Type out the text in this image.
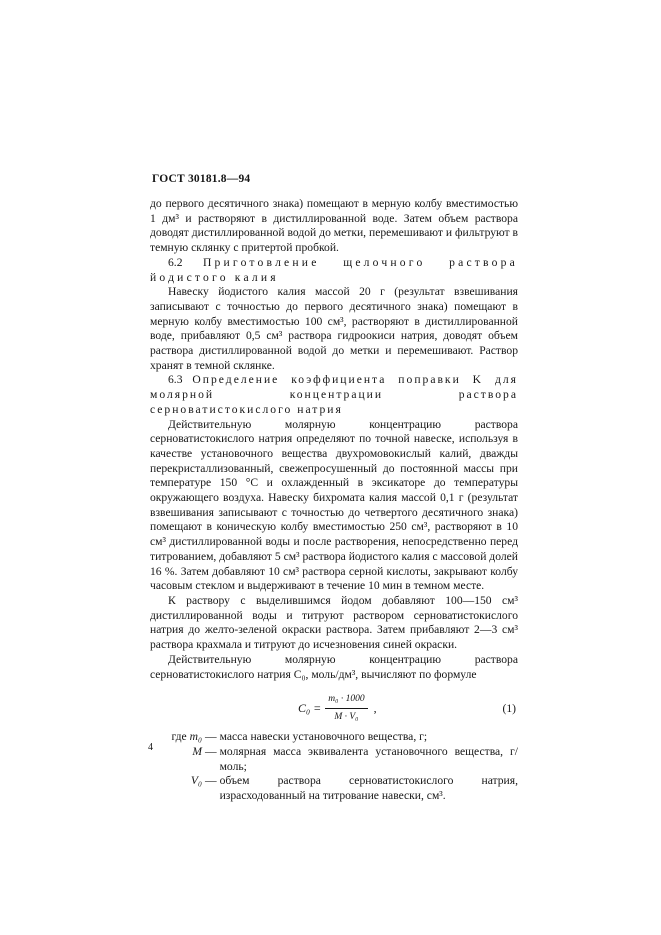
ГОСТ 30181.8—94

до первого десятичного знака) помещают в мерную колбу вместимостью 1 дм³ и растворяют в дистиллированной воде. Затем объем раствора доводят дистиллированной водой до метки, перемешивают и фильтруют в темную склянку с притертой пробкой.

6.2 Приготовление щелочного раствора йодистого калия

Навеску йодистого калия массой 20 г (результат взвешивания записывают с точностью до первого десятичного знака) помещают в мерную колбу вместимостью 100 см³, растворяют в дистиллированной воде, прибавляют 0,5 см³ раствора гидроокиси натрия, доводят объем раствора дистиллированной водой до метки и перемешивают. Раствор хранят в темной склянке.

6.3 Определение коэффициента поправки K для молярной концентрации раствора серноватистокислого натрия

Действительную молярную концентрацию раствора серноватистокислого натрия определяют по точной навеске, используя в качестве установочного вещества двухромовокислый калий, дважды перекристаллизованный, свежепросушенный до постоянной массы при температуре 150 °C и охлажденный в эксикаторе до температуры окружающего воздуха. Навеску бихромата калия массой 0,1 г (результат взвешивания записывают с точностью до четвертого десятичного знака) помещают в коническую колбу вместимостью 250 см³, растворяют в 10 см³ дистиллированной воды и после растворения, непосредственно перед титрованием, добавляют 5 см³ раствора йодистого калия с массовой долей 16 %. Затем добавляют 10 см³ раствора серной кислоты, закрывают колбу часовым стеклом и выдерживают в течение 10 мин в темном месте.

К раствору с выделившимся йодом добавляют 100—150 см³ дистиллированной воды и титруют раствором серноватистокислого натрия до желто-зеленой окраски раствора. Затем прибавляют 2—3 см³ раствора крахмала и титруют до исчезновения синей окраски.

Действительную молярную концентрацию раствора серноватистокислого натрия C₀, моль/дм³, вычисляют по формуле

$C_0 = \frac{\text{m₀ · 1000}}{\text{M · V₀}}$ ,	(1)
где m₀ — масса навески установочного вещества, г;
M — молярная масса эквивалента установочного вещества, г/моль;
V₀ — объем раствора серноватистокислого натрия, израсходованный на титрование навески, см³.
4
